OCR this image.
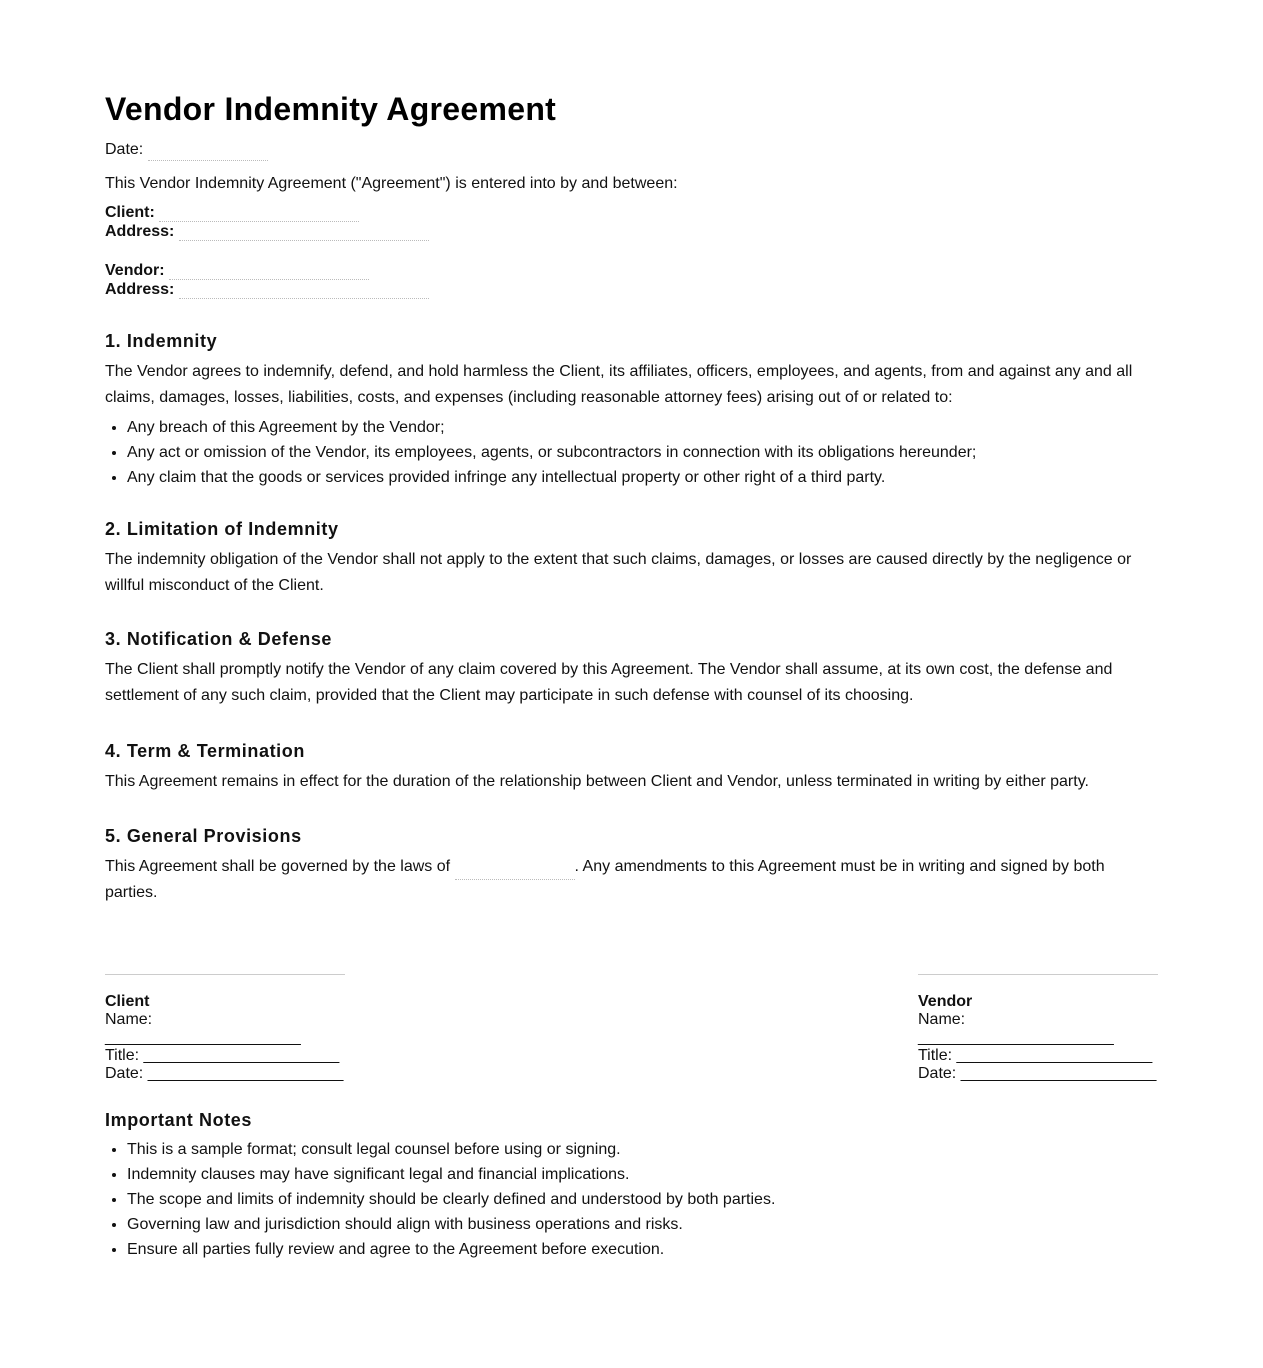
Vendor Indemnity Agreement
Date:
This Vendor Indemnity Agreement ("Agreement") is entered into by and between:
Client:
Address:
Vendor:
Address:
1. Indemnity

The Vendor agrees to indemnify, defend, and hold harmless the Client, its affiliates, officers, employees, and agents, from and against any and all claims, damages, losses, liabilities, costs, and expenses (including reasonable attorney fees) arising out of or related to:

• Any breach of this Agreement by the Vendor;
• Any act or omission of the Vendor, its employees, agents, or subcontractors in connection with its obligations hereunder;
• Any claim that the goods or services provided infringe any intellectual property or other right of a third party.
2. Limitation of Indemnity

The indemnity obligation of the Vendor shall not apply to the extent that such claims, damages, or losses are caused directly by the negligence or willful misconduct of the Client.

3. Notification & Defense

The Client shall promptly notify the Vendor of any claim covered by this Agreement. The Vendor shall assume, at its own cost, the defense and settlement of any such claim, provided that the Client may participate in such defense with counsel of its choosing.

4. Term & Termination

This Agreement remains in effect for the duration of the relationship between Client and Vendor, unless terminated in writing by either party.

5. General Provisions

This Agreement shall be governed by the laws of	. Any amendments to this Agreement must be in writing and signed by both parties.

Client
Name: ______________________
Title: ______________________
Date: ______________________
Vendor
Name: ______________________
Title: ______________________
Date: ______________________
Important Notes
• This is a sample format; consult legal counsel before using or signing.
• Indemnity clauses may have significant legal and financial implications.
• The scope and limits of indemnity should be clearly defined and understood by both parties.
• Governing law and jurisdiction should align with business operations and risks.
• Ensure all parties fully review and agree to the Agreement before execution.
